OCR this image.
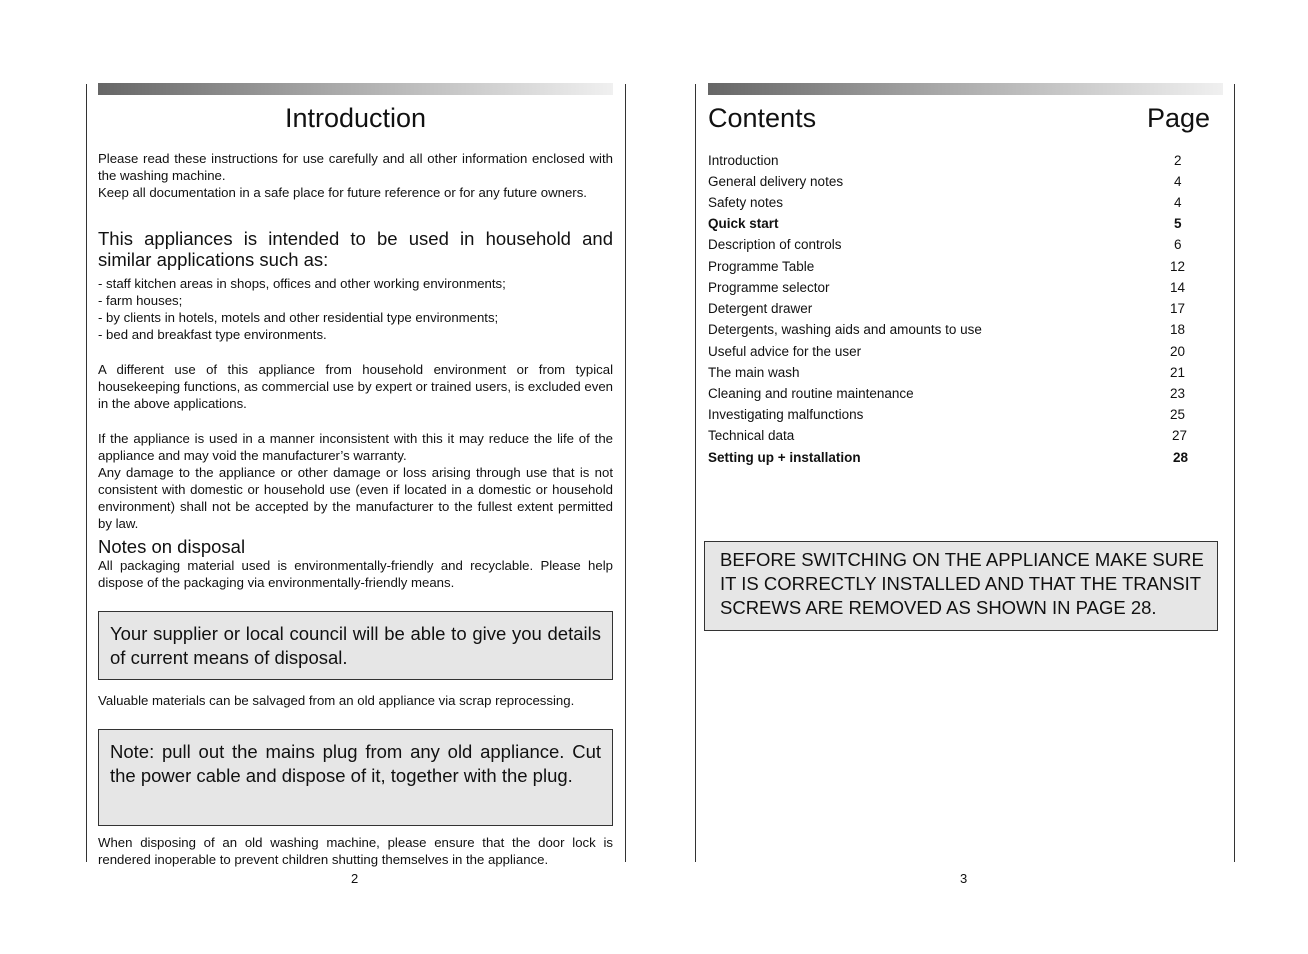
Introduction
Please read these instructions for use carefully and all other information enclosed with the washing machine.
Keep all documentation in a safe place for future reference or for any future owners.
This appliances is intended to be used in household and similar applications such as:
- staff kitchen areas in shops, offices and other working environments;
- farm houses;
- by clients in hotels, motels and other residential type environments;
- bed and breakfast type environments.
A different use of this appliance from household environment or from typical housekeeping functions, as commercial use by expert or trained users, is excluded even in the above applications.
If the appliance is used in a manner inconsistent with this it may reduce the life of the appliance and may void the manufacturer’s warranty.
Any damage to the appliance or other damage or loss arising through use that is not consistent with domestic or household use (even if located in a domestic or household environment) shall not be accepted by the manufacturer to the fullest extent permitted by law.
Notes on disposal
All packaging material used is environmentally-friendly and recyclable. Please help dispose of the packaging via environmentally-friendly means.
Your supplier or local council will be able to give you details of current means of disposal.
Valuable materials can be salvaged from an old appliance via scrap reprocessing.
Note: pull out the mains plug from any old appliance. Cut the power cable and dispose of it, together with the plug.
When disposing of an old washing machine, please ensure that the door lock is rendered inoperable to prevent children shutting themselves in the appliance.
2
Contents	Page
Introduction	2
General delivery notes	4
Safety notes	4
Quick start	5
Description of controls	6
Programme Table	12
Programme selector	14
Detergent drawer	17
Detergents, washing aids and amounts to use	18
Useful advice for the user	20
The main wash	21
Cleaning and routine maintenance	23
Investigating malfunctions	25
Technical data	27
Setting up + installation	28
BEFORE SWITCHING ON THE APPLIANCE MAKE SURE IT IS CORRECTLY INSTALLED AND THAT THE TRANSIT SCREWS ARE REMOVED AS SHOWN IN PAGE 28.
3
